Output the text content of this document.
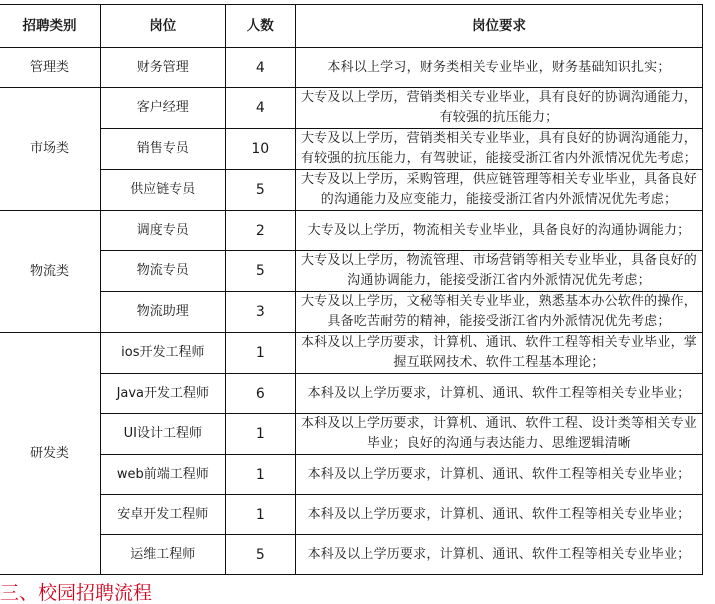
招聘类别	岗位	人数	岗位要求
管理类	财务管理	4	本科以上学习，财务类相关专业毕业，财务基础知识扎实；
市场类	客户经理	4	大专及以上学历，营销类相关专业毕业，具有良好的协调沟通能力，有较强的抗压能力；
	销售专员	10	大专及以上学历，营销类相关专业毕业，具有良好的协调沟通能力，有较强的抗压能力，有驾驶证，能接受浙江省内外派情况优先考虑；
	供应链专员	5	大专及以上学历，采购管理，供应链管理等相关专业毕业，具备良好的沟通能力及应变能力，能接受浙江省内外派情况优先考虑；
物流类	调度专员	2	大专及以上学历，物流相关专业毕业，具备良好的沟通协调能力；
	物流专员	5	大专及以上学历，物流管理、市场营销等相关专业毕业，具备良好的沟通协调能力，能接受浙江省内外派情况优先考虑；
	物流助理	3	大专及以上学历，文秘等相关专业毕业，熟悉基本办公软件的操作，具备吃苦耐劳的精神，能接受浙江省内外派情况优先考虑；
研发类	ios开发工程师	1	本科及以上学历要求，计算机、通讯、软件工程等相关专业毕业，掌握互联网技术、软件工程基本理论；
	Java开发工程师	6	本科及以上学历要求，计算机、通讯、软件工程等相关专业毕业；
	UI设计工程师	1	本科及以上学历要求，计算机、通讯、软件工程、设计类等相关专业毕业；良好的沟通与表达能力、思维逻辑清晰
	web前端工程师	1	本科及以上学历要求，计算机、通讯、软件工程等相关专业毕业；
	安卓开发工程师	1	本科及以上学历要求，计算机、通讯、软件工程等相关专业毕业；
	运维工程师	5	本科及以上学历要求，计算机、通讯、软件工程等相关专业毕业；
三、校园招聘流程
